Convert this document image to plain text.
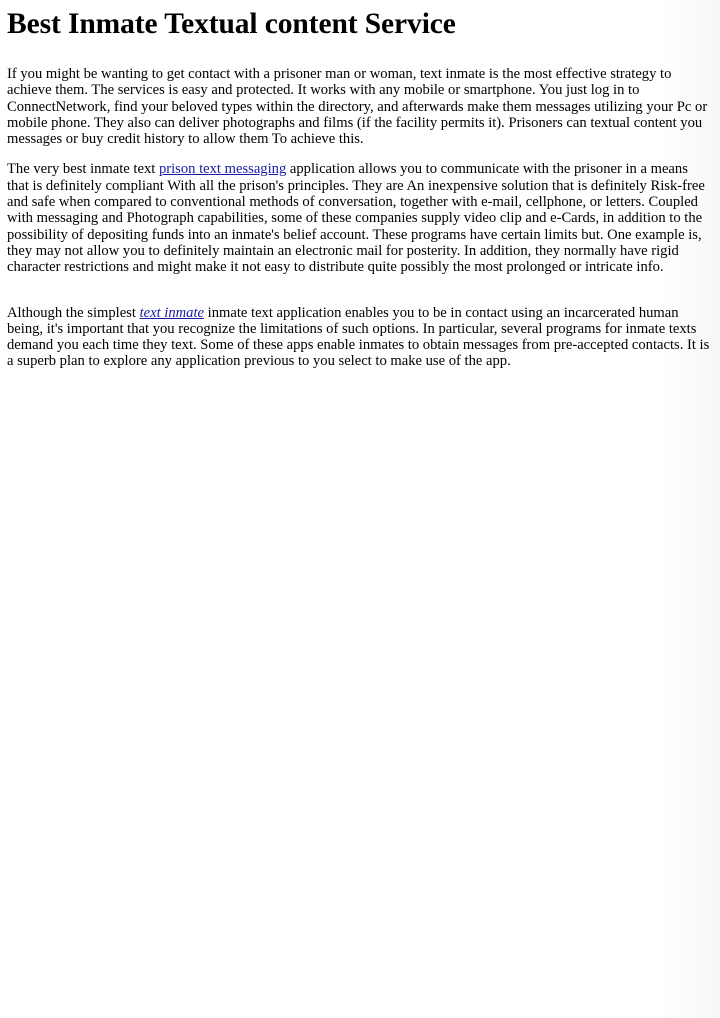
Best Inmate Textual content Service

If you might be wanting to get contact with a prisoner man or woman, text inmate is the most effective strategy to achieve them. The services is easy and protected. It works with any mobile or smartphone. You just log in to ConnectNetwork, find your beloved types within the directory, and afterwards make them messages utilizing your Pc or mobile phone. They also can deliver photographs and films (if the facility permits it). Prisoners can textual content you messages or buy credit history to allow them To achieve this.

The very best inmate text prison text messaging application allows you to communicate with the prisoner in a means that is definitely compliant With all the prison's principles. They are An inexpensive solution that is definitely Risk-free and safe when compared to conventional methods of conversation, together with e-mail, cellphone, or letters. Coupled with messaging and Photograph capabilities, some of these companies supply video clip and e-Cards, in addition to the possibility of depositing funds into an inmate's belief account. These programs have certain limits but. One example is, they may not allow you to definitely maintain an electronic mail for posterity. In addition, they normally have rigid character restrictions and might make it not easy to distribute quite possibly the most prolonged or intricate info.

Although the simplest text inmate inmate text application enables you to be in contact using an incarcerated human being, it's important that you recognize the limitations of such options. In particular, several programs for inmate texts demand you each time they text. Some of these apps enable inmates to obtain messages from pre-accepted contacts. It is a superb plan to explore any application previous to you select to make use of the app.
